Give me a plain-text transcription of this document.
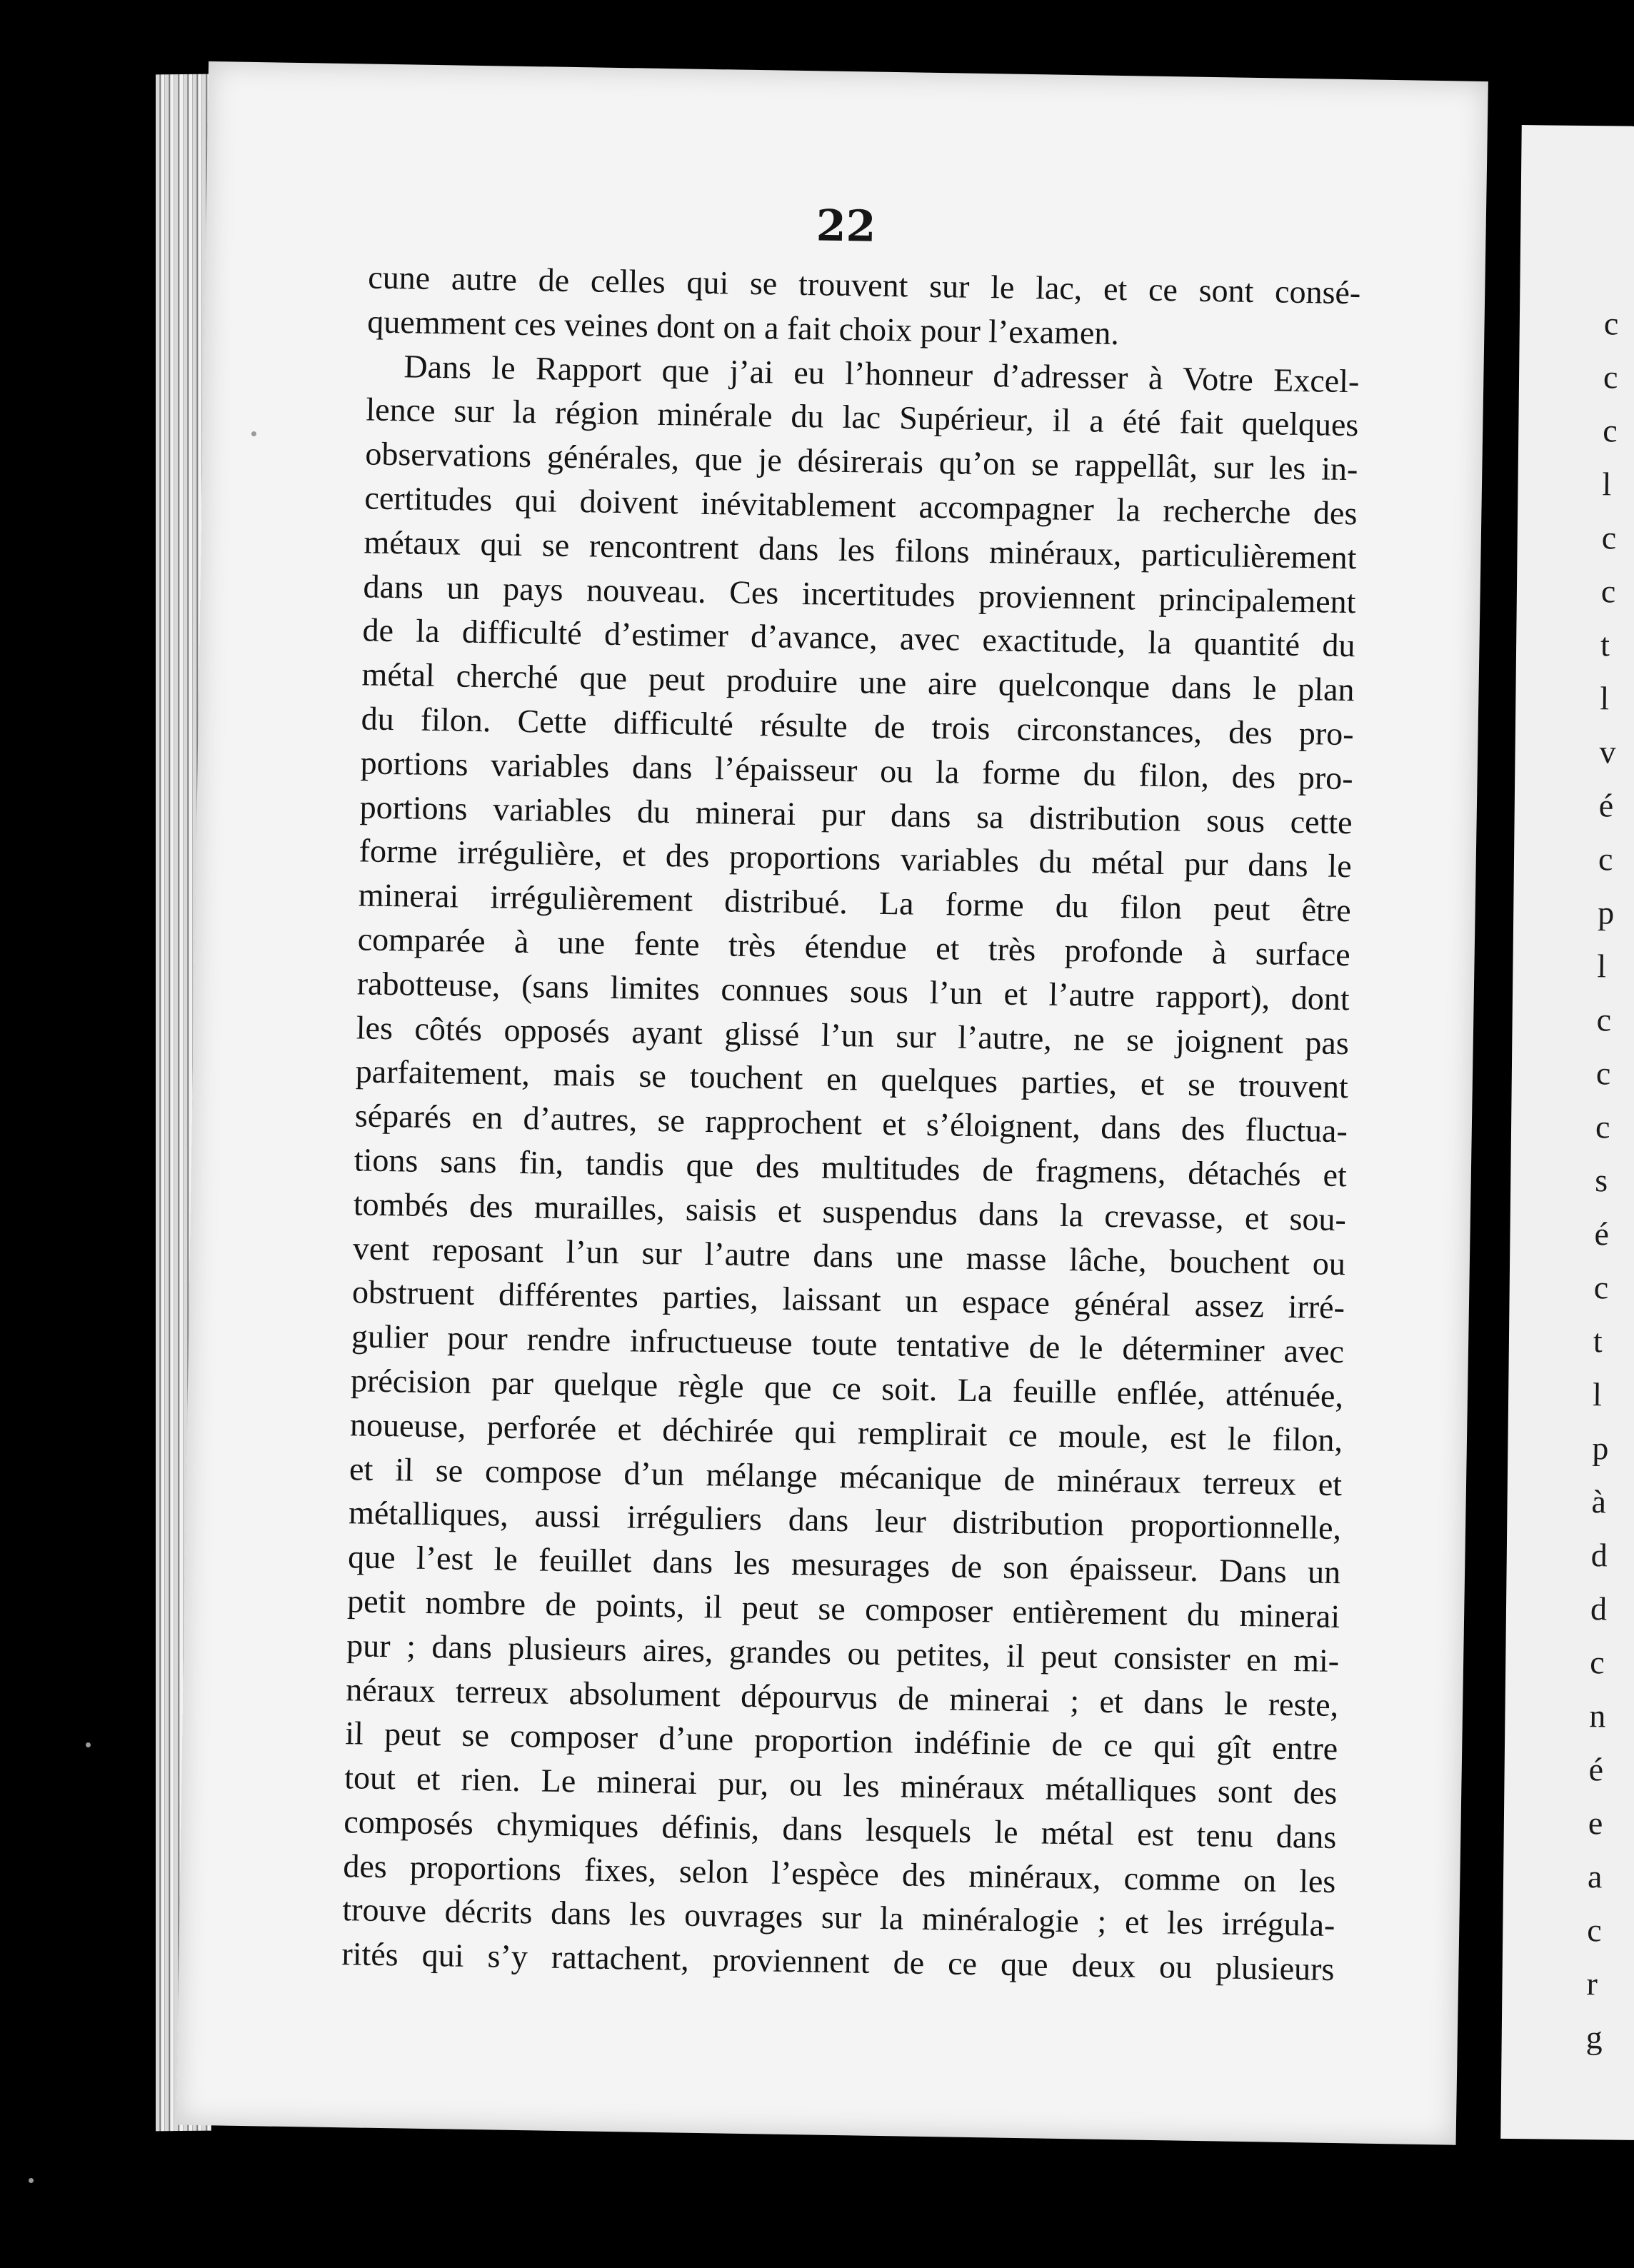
22
cune autre de celles qui se trouvent sur le lac, et ce sont consé-
quemment ces veines dont on a fait choix pour l’examen.
Dans le Rapport que j’ai eu l’honneur d’adresser à Votre Excel-
lence sur la région minérale du lac Supérieur, il a été fait quelques
observations générales, que je désirerais qu’on se rappellât, sur les in-
certitudes qui doivent inévitablement accompagner la recherche des
métaux qui se rencontrent dans les filons minéraux, particulièrement
dans un pays nouveau. Ces incertitudes proviennent principalement
de la difficulté d’estimer d’avance, avec exactitude, la quantité du
métal cherché que peut produire une aire quelconque dans le plan
du filon. Cette difficulté résulte de trois circonstances, des pro-
portions variables dans l’épaisseur ou la forme du filon, des pro-
portions variables du minerai pur dans sa distribution sous cette
forme irrégulière, et des proportions variables du métal pur dans le
minerai irrégulièrement distribué. La forme du filon peut être
comparée à une fente très étendue et très profonde à surface
rabotteuse, (sans limites connues sous l’un et l’autre rapport), dont
les côtés opposés ayant glissé l’un sur l’autre, ne se joignent pas
parfaitement, mais se touchent en quelques parties, et se trouvent
séparés en d’autres, se rapprochent et s’éloignent, dans des fluctua-
tions sans fin, tandis que des multitudes de fragmens, détachés et
tombés des murailles, saisis et suspendus dans la crevasse, et sou-
vent reposant l’un sur l’autre dans une masse lâche, bouchent ou
obstruent différentes parties, laissant un espace général assez irré-
gulier pour rendre infructueuse toute tentative de le déterminer avec
précision par quelque règle que ce soit. La feuille enflée, atténuée,
noueuse, perforée et déchirée qui remplirait ce moule, est le filon,
et il se compose d’un mélange mécanique de minéraux terreux et
métalliques, aussi irréguliers dans leur distribution proportionnelle,
que l’est le feuillet dans les mesurages de son épaisseur. Dans un
petit nombre de points, il peut se composer entièrement du minerai
pur ; dans plusieurs aires, grandes ou petites, il peut consister en mi-
néraux terreux absolument dépourvus de minerai ; et dans le reste,
il peut se composer d’une proportion indéfinie de ce qui gît entre
tout et rien. Le minerai pur, ou les minéraux métalliques sont des
composés chymiques définis, dans lesquels le métal est tenu dans
des proportions fixes, selon l’espèce des minéraux, comme on les
trouve décrits dans les ouvrages sur la minéralogie ; et les irrégula-
rités qui s’y rattachent, proviennent de ce que deux ou plusieurs
c
c
c
l
c
c
t
l
v
é
c
p
l
c
c
c
s
é
c
t
l
p
à
d
d
c
n
é
e
a
c
r
g
